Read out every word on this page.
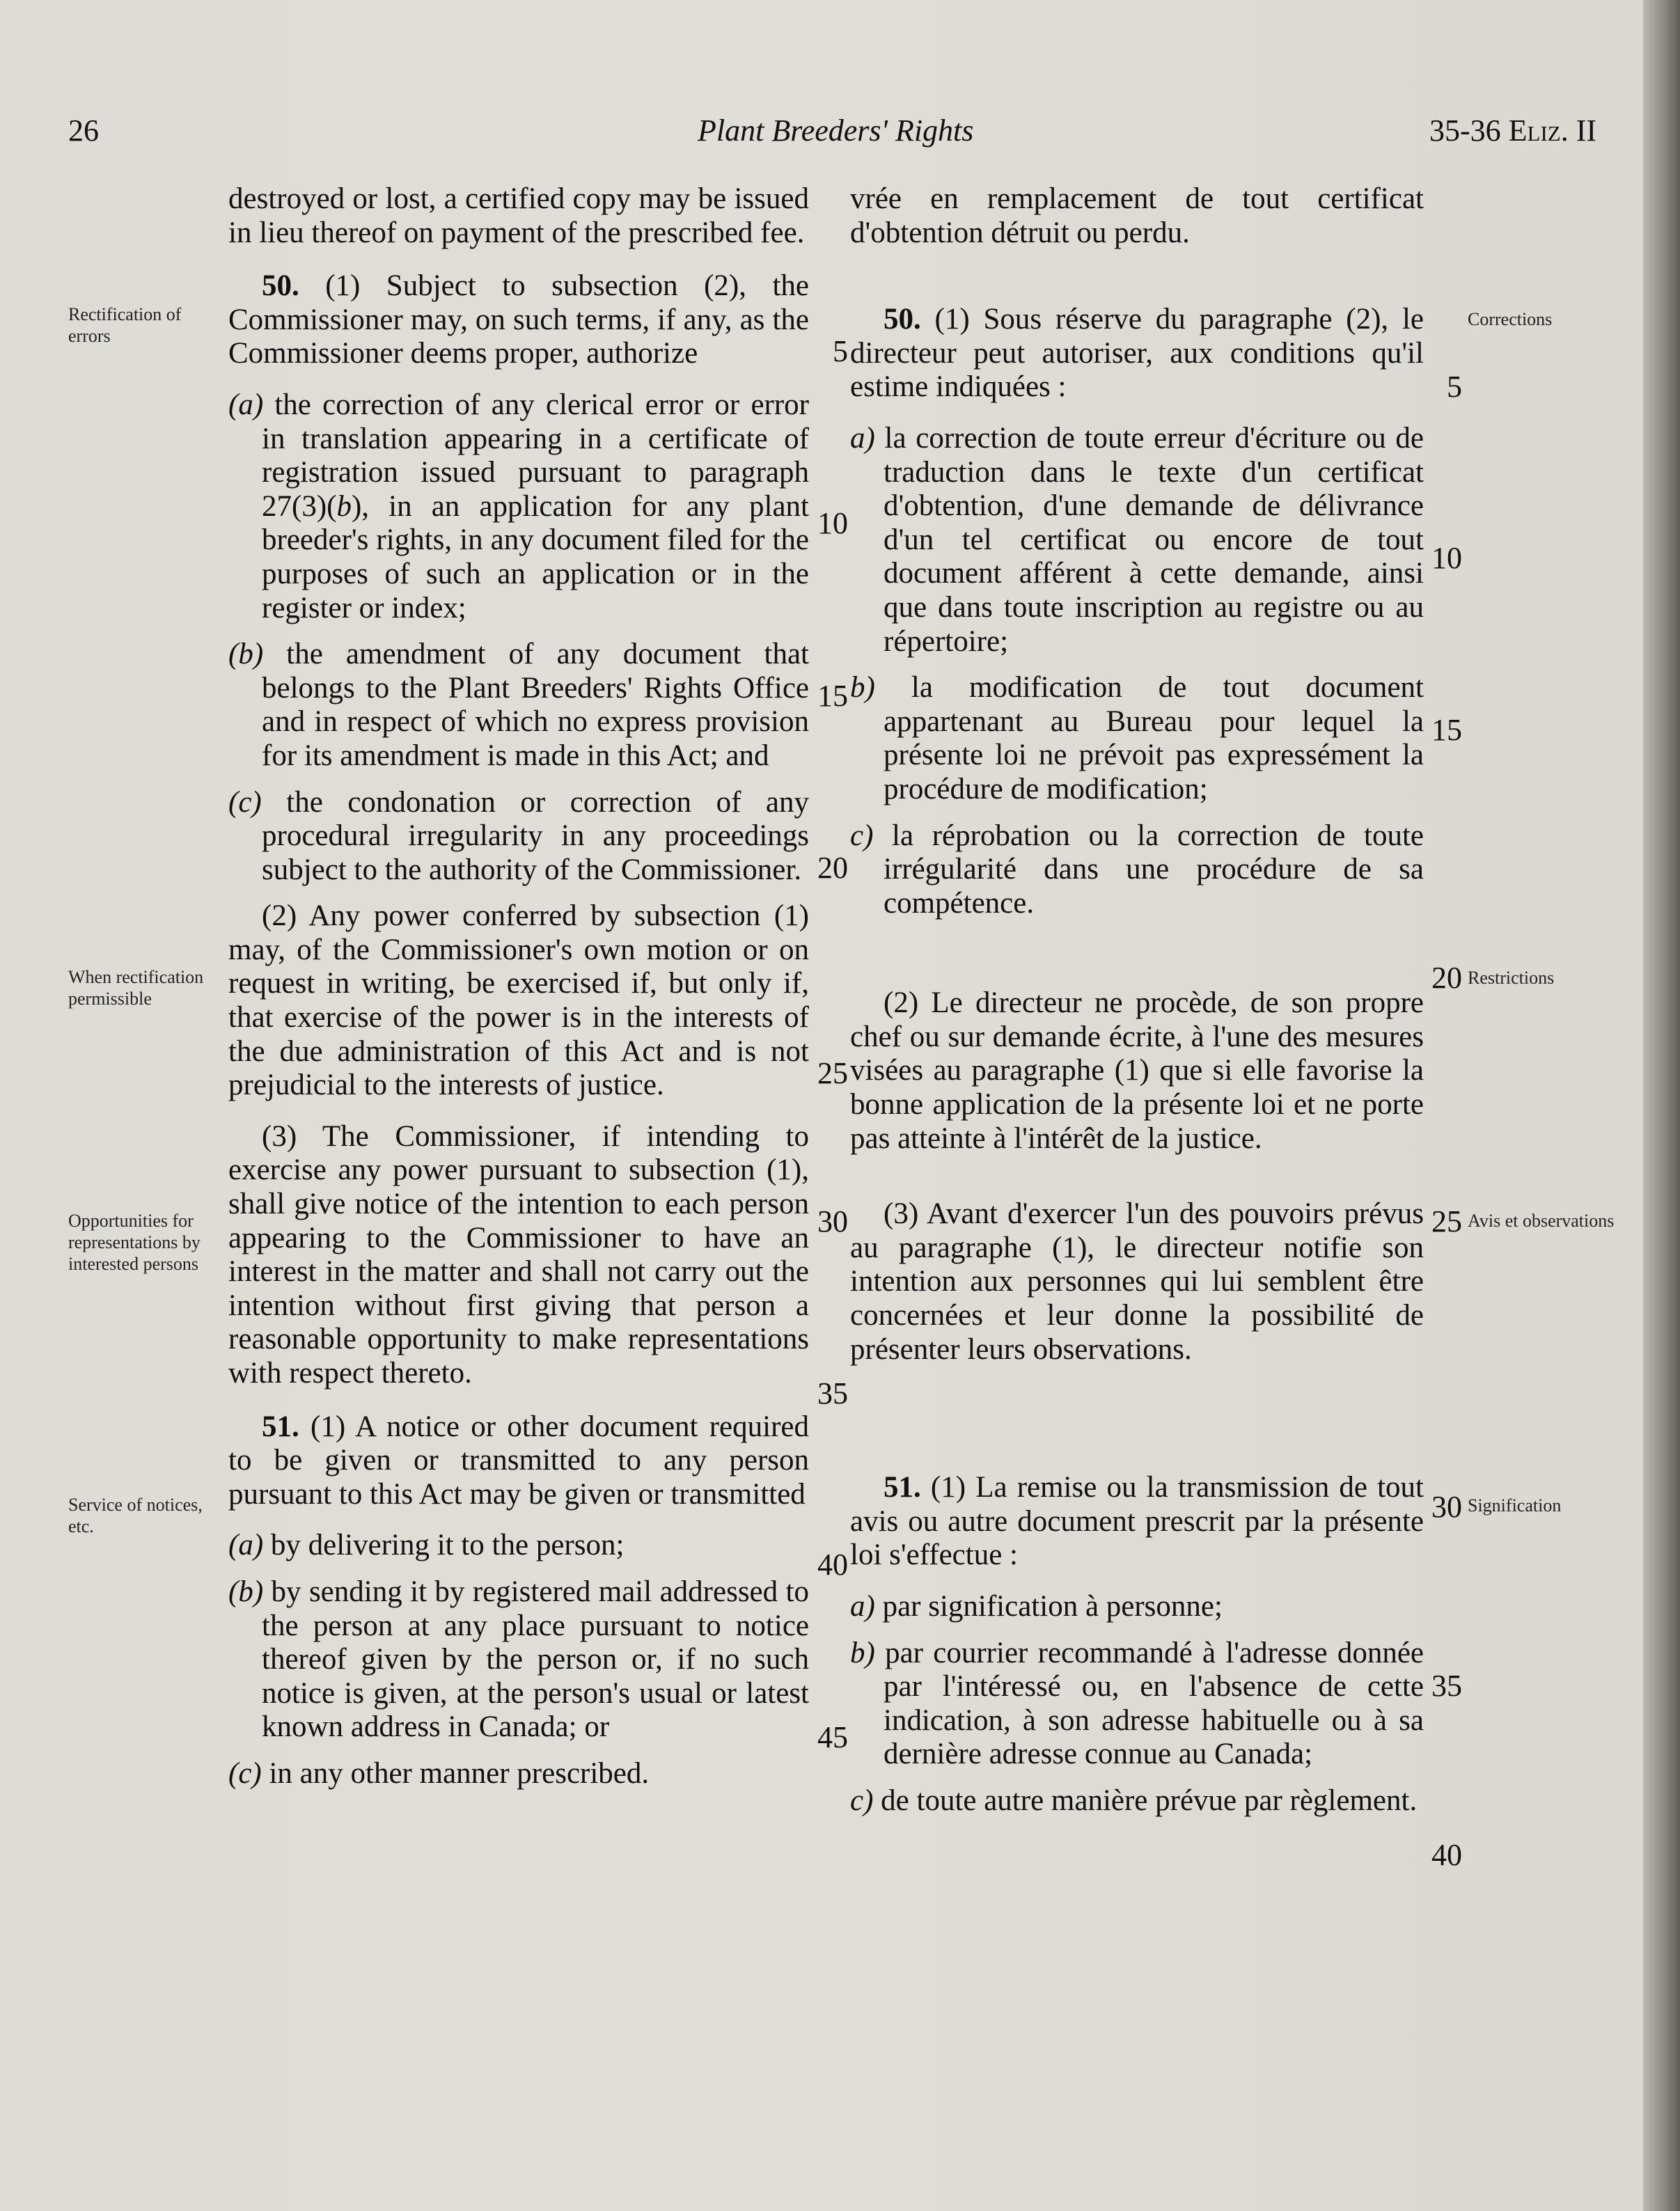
26	Plant Breeders' Rights	35-36 Eliz. II
Rectification of errors
When rectification permissible
Opportunities for representations by interested persons
Service of notices, etc.
Corrections
Restrictions
Avis et observations
Signification

destroyed or lost, a certified copy may be issued in lieu thereof on payment of the prescribed fee.

50. (1) Subject to subsection (2), the Commissioner may, on such terms, if any, as the Commissioner deems proper, authorize

(a) the correction of any clerical error or error in translation appearing in a certificate of registration issued pursuant to paragraph 27(3)(b), in an application for any plant breeder's rights, in any document filed for the purposes of such an application or in the register or index;

(b) the amendment of any document that belongs to the Plant Breeders' Rights Office and in respect of which no express provision for its amendment is made in this Act; and

(c) the condonation or correction of any procedural irregularity in any proceedings subject to the authority of the Commissioner.

(2) Any power conferred by subsection (1) may, of the Commissioner's own motion or on request in writing, be exercised if, but only if, that exercise of the power is in the interests of the due administration of this Act and is not prejudicial to the interests of justice.

(3) The Commissioner, if intending to exercise any power pursuant to subsection (1), shall give notice of the intention to each person appearing to the Commissioner to have an interest in the matter and shall not carry out the intention without first giving that person a reasonable opportunity to make representations with respect thereto.

51. (1) A notice or other document required to be given or transmitted to any person pursuant to this Act may be given or transmitted

(a) by delivering it to the person;

(b) by sending it by registered mail addressed to the person at any place pursuant to notice thereof given by the person or, if no such notice is given, at the person's usual or latest known address in Canada; or

(c) in any other manner prescribed.

vrée en remplacement de tout certificat d'obtention détruit ou perdu.

50. (1) Sous réserve du paragraphe (2), le directeur peut autoriser, aux conditions qu'il estime indiquées :

a) la correction de toute erreur d'écriture ou de traduction dans le texte d'un certificat d'obtention, d'une demande de délivrance d'un tel certificat ou encore de tout document afférent à cette demande, ainsi que dans toute inscription au registre ou au répertoire;

b) la modification de tout document appartenant au Bureau pour lequel la présente loi ne prévoit pas expressément la procédure de modification;

c) la réprobation ou la correction de toute irrégularité dans une procédure de sa compétence.

(2) Le directeur ne procède, de son propre chef ou sur demande écrite, à l'une des mesures visées au paragraphe (1) que si elle favorise la bonne application de la présente loi et ne porte pas atteinte à l'intérêt de la justice.

(3) Avant d'exercer l'un des pouvoirs prévus au paragraphe (1), le directeur notifie son intention aux personnes qui lui semblent être concernées et leur donne la possibilité de présenter leurs observations.

51. (1) La remise ou la transmission de tout avis ou autre document prescrit par la présente loi s'effectue :

a) par signification à personne;

b) par courrier recommandé à l'adresse donnée par l'intéressé ou, en l'absence de cette indication, à son adresse habituelle ou à sa dernière adresse connue au Canada;

c) de toute autre manière prévue par règlement.

5
10
15
20
25
30
35
40
45
5
10
15
20
25
30
35
40
